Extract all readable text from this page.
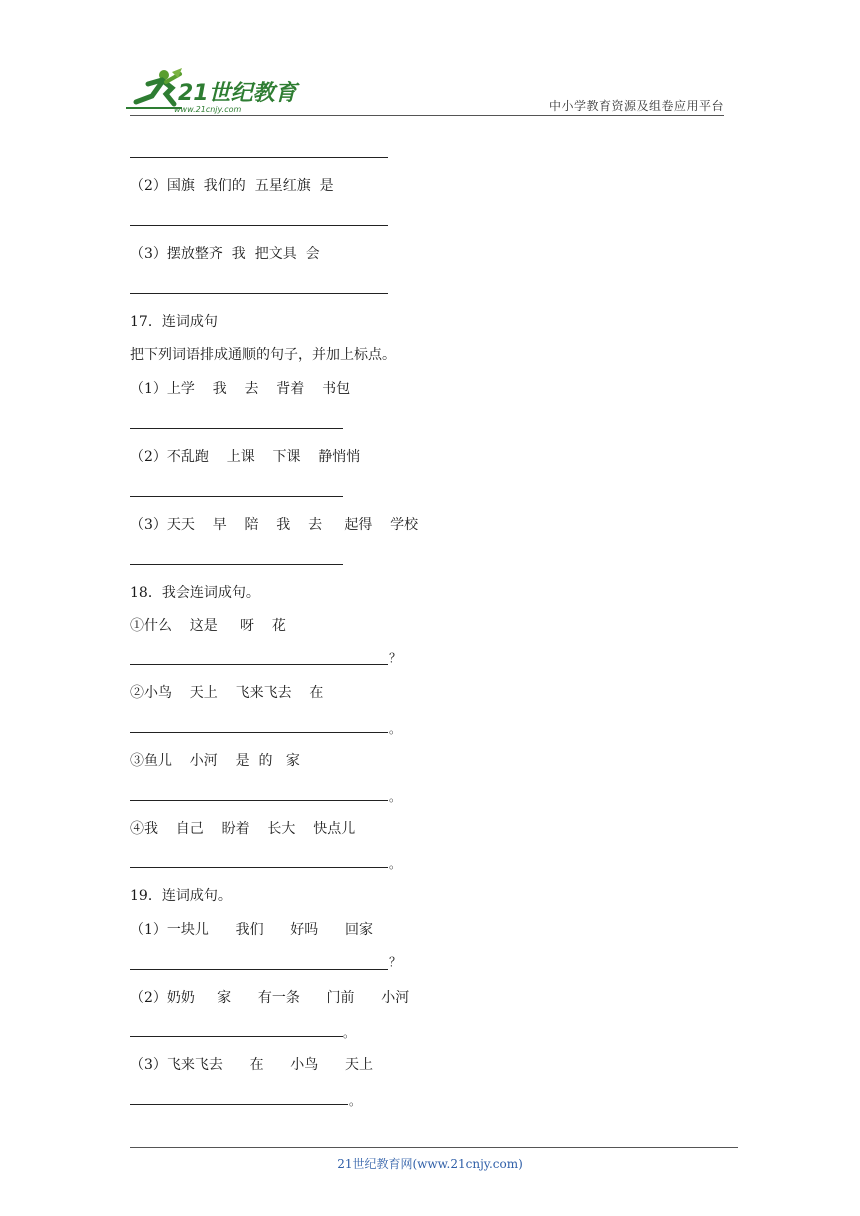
21世纪教育
www.21cnjy.com	中小学教育资源及组卷应用平台
（2）国旗  我们的  五星红旗  是
（3）摆放整齐  我  把文具  会
17．连词成句
把下列词语排成通顺的句子，并加上标点。
（1）上学    我    去    背着    书包
（2）不乱跑    上课    下课    静悄悄
（3）天天    早    陪    我    去     起得    学校
18．我会连词成句。
①什么    这是     呀    花
？
②小鸟    天上    飞来飞去    在
。
③鱼儿    小河    是  的   家
。
④我    自己    盼着    长大    快点儿
。
19．连词成句。
（1）一块儿      我们      好吗      回家
？
（2）奶奶     家      有一条      门前      小河
。
（3）飞来飞去      在      小鸟      天上
。
21世纪教育网(www.21cnjy.com)
